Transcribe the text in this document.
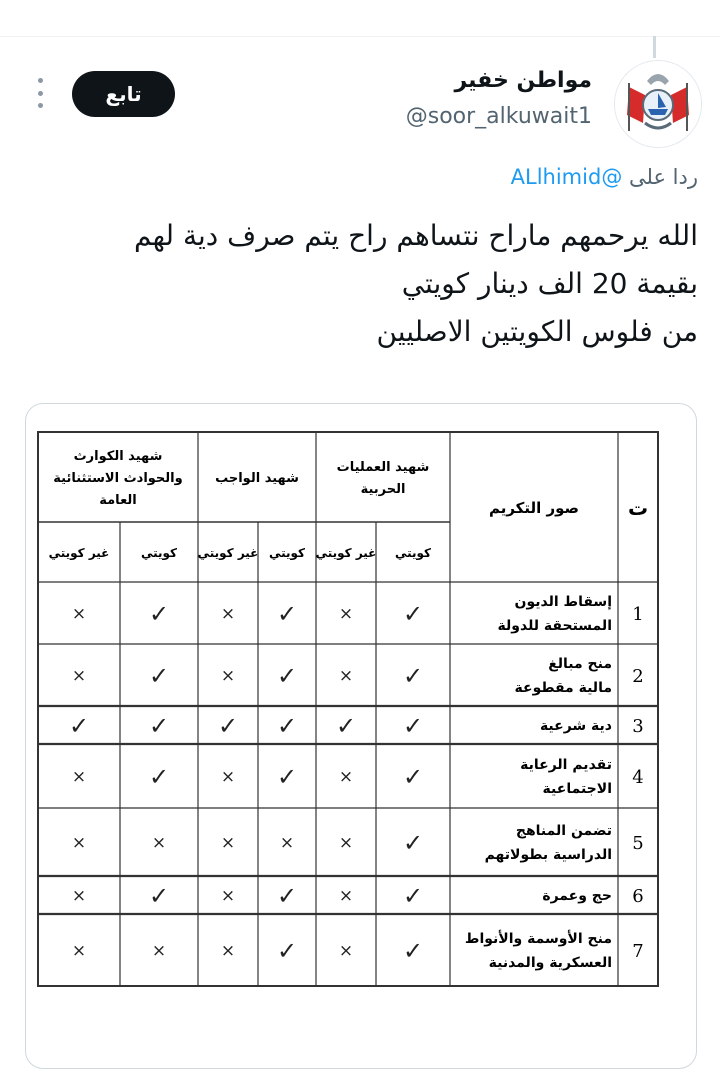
مواطن خفير
@soor_alkuwait1
تابع
ردا على @ALlhimid
الله يرحمهم ماراح نتساهم راح يتم صرف دية لهم
بقيمة 20 الف دينار كويتي
من فلوس الكويتين الاصليين
ت
صور التكريم
شهيد العمليات
الحربية
شهيد الواجب
شهيد الكوارث
والحوادث الاستثنائية
العامة
غير كويتي	كويتي غير كويتي كويتي غير كويتي كويتي
1
إسقاط الديون
المستحقة للدولة
✓
×
✓
×
✓
×
2
منح مبالغ
مالية مقطوعة
✓
×
✓
×
✓
×
3
دية شرعية
✓
✓
✓
✓
✓
✓
4
تقديم الرعاية
الاجتماعية
✓
×
✓
×
✓
×
5
تضمن المناهج
الدراسية بطولاتهم
✓
×
×
×
×
×
6
حج وعمرة
✓
×
✓
×
✓
×
7
منح الأوسمة والأنواط
العسكرية والمدنية
✓
×
✓
×
×
×
